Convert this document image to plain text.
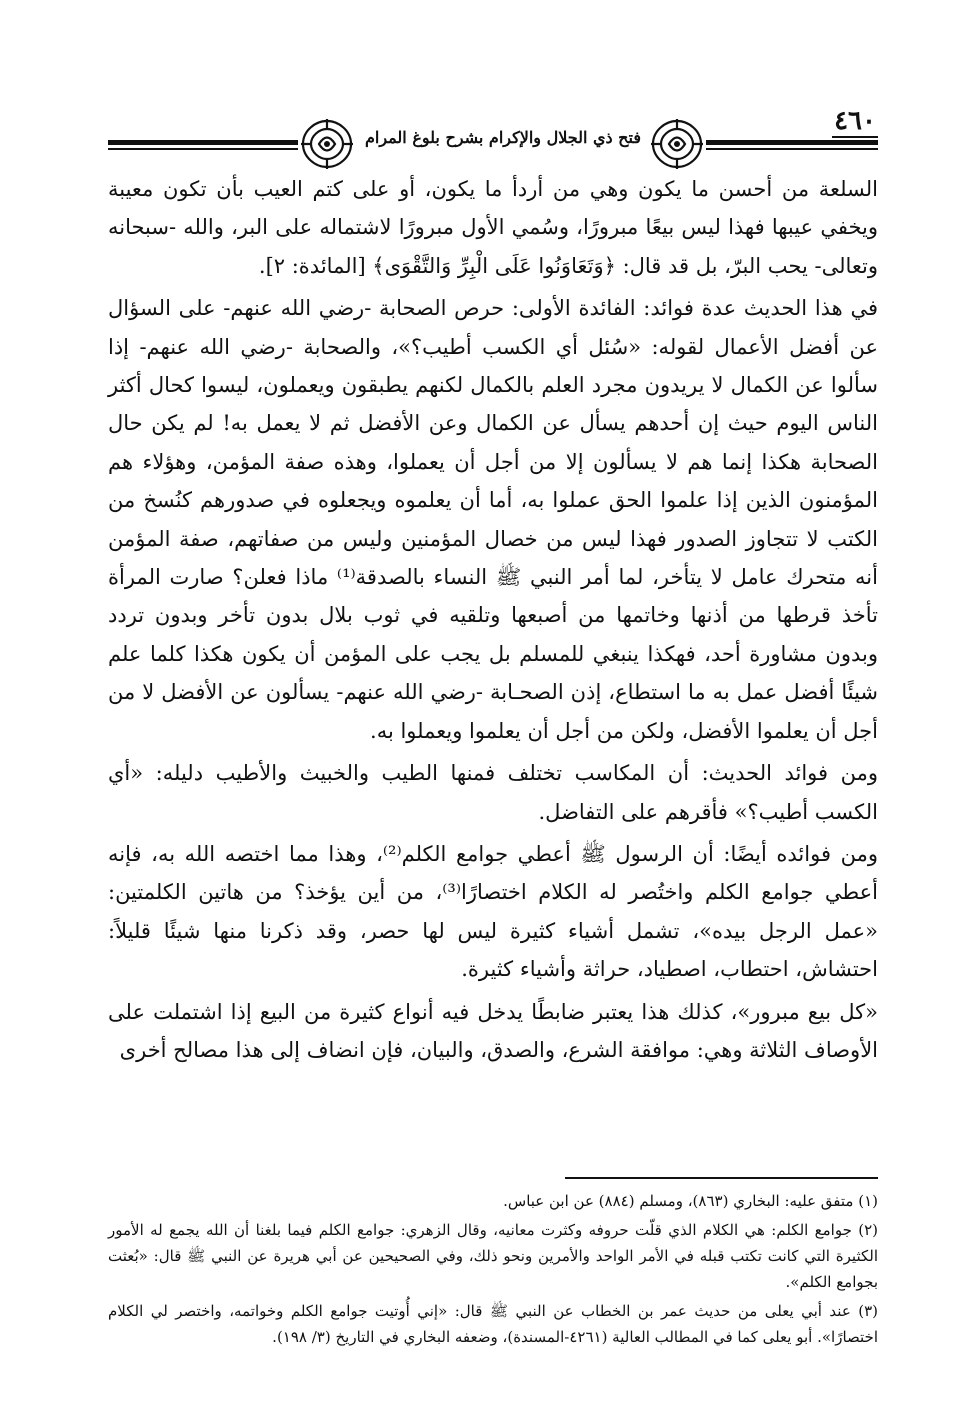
فتح ذي الجلال والإكرام بشرح بلوغ المرام
٤٦٠

السلعة من أحسن ما يكون وهي من أردأ ما يكون، أو على كتم العيب بأن تكون معيبة ويخفي عيبها فهذا ليس بيعًا مبرورًا، وسُمي الأول مبرورًا لاشتماله على البر، والله -سبحانه وتعالى- يحب البرّ، بل قد قال: ﴿وَتَعَاوَنُوا عَلَى الْبِرِّ وَالتَّقْوَى﴾ [المائدة: ٢].

في هذا الحديث عدة فوائد: الفائدة الأولى: حرص الصحابة -رضي الله عنهم- على السؤال عن أفضل الأعمال لقوله: «سُئل أي الكسب أطيب؟»، والصحابة -رضي الله عنهم- إذا سألوا عن الكمال لا يريدون مجرد العلم بالكمال لكنهم يطبقون ويعملون، ليسوا كحال أكثر الناس اليوم حيث إن أحدهم يسأل عن الكمال وعن الأفضل ثم لا يعمل به! لم يكن حال الصحابة هكذا إنما هم لا يسألون إلا من أجل أن يعملوا، وهذه صفة المؤمن، وهؤلاء هم المؤمنون الذين إذا علموا الحق عملوا به، أما أن يعلموه ويجعلوه في صدورهم كنُسخ من الكتب لا تتجاوز الصدور فهذا ليس من خصال المؤمنين وليس من صفاتهم، صفة المؤمن أنه متحرك عامل لا يتأخر، لما أمر النبي ﷺ النساء بالصدقة⁽¹⁾ ماذا فعلن؟ صارت المرأة تأخذ قرطها من أذنها وخاتمها من أصبعها وتلقيه في ثوب بلال بدون تأخر وبدون تردد وبدون مشاورة أحد، فهكذا ينبغي للمسلم بل يجب على المؤمن أن يكون هكذا كلما علم شيئًا أفضل عمل به ما استطاع، إذن الصحـابة -رضي الله عنهم- يسألون عن الأفضل لا من أجل أن يعلموا الأفضل، ولكن من أجل أن يعلموا ويعملوا به.

ومن فوائد الحديث: أن المكاسب تختلف فمنها الطيب والخبيث والأطيب دليله: «أي الكسب أطيب؟» فأقرهم على التفاضل.

ومن فوائده أيضًا: أن الرسول ﷺ أعطي جوامع الكلم⁽²⁾، وهذا مما اختصه الله به، فإنه أعطي جوامع الكلم واختُصر له الكلام اختصارًا⁽³⁾، من أين يؤخذ؟ من هاتين الكلمتين: «عمل الرجل بيده»، تشمل أشياء كثيرة ليس لها حصر، وقد ذكرنا منها شيئًا قليلاً: احتشاش، احتطاب، اصطياد، حراثة وأشياء كثيرة.

«كل بيع مبرور»، كذلك هذا يعتبر ضابطًا يدخل فيه أنواع كثيرة من البيع إذا اشتملت على الأوصاف الثلاثة وهي: موافقة الشرع، والصدق، والبيان، فإن انضاف إلى هذا مصالح أخرى

(١) متفق عليه: البخاري (٨٦٣)، ومسلم (٨٨٤) عن ابن عباس.

(٢) جوامع الكلم: هي الكلام الذي قلّت حروفه وكثرت معانيه، وقال الزهري: جوامع الكلم فيما بلغنا أن الله يجمع له الأمور الكثيرة التي كانت تكتب قبله في الأمر الواحد والأمرين ونحو ذلك، وفي الصحيحين عن أبي هريرة عن النبي ﷺ قال: «بُعثت بجوامع الكلم».

(٣) عند أبي يعلى من حديث عمر بن الخطاب عن النبي ﷺ قال: «إني أُوتيت جوامع الكلم وخواتمه، واختصر لي الكلام اختصارًا». أبو يعلى كما في المطالب العالية (٤٢٦١-المسندة)، وضعفه البخاري في التاريخ (٣/ ١٩٨).
